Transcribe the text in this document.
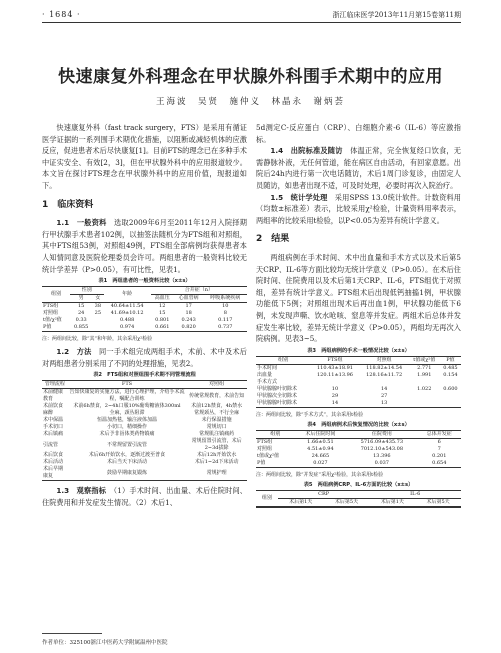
· 1684 ·	浙江临床医学2013年11月第15卷第11期
快速康复外科理念在甲状腺外科围手术期中的应用
王海波　吴贤　施仲义　林晶永　谢炳荟

快速康复外科（fast track surgery，FTS）是采用有循证医学证据的一系列围手术期优化措施，以阻断或减轻机体的应激反应，促进患者术后尽快康复[1]。目前FTS的理念已在多种手术中证实安全、有效[2，3]，但在甲状腺外科中的应用报道较少。本文旨在探讨FTS理念在甲状腺外科中的应用价值，现报道如下。

1　临床资料

1.1　一般资料　 选取2009年6月至2011年12月入院择期行甲状腺手术患者102例，以抽签法随机分为FTS组和对照组，其中FTS组53例，对照组49例，FTS组全部病例均获得患者本人知情同意及医院伦理委员会许可。两组患者的一般资料比较无统计学差异（P>0.05），有可比性，见表1。

表1　两组患者的一般资料比较（x±s）
组别	性别		年龄	合并症（n）		
	男	女		高血压	心血管病	呼吸系统疾病
FTS组	15	38	40.64±11.54	12	17	10
对照组	24	25	41.69±10.12	15	18	8
t值/χ²值	0.33		0.488	0.801	0.243	0.117
P值	0.855		0.974	0.661	0.820	0.737
注：两组间比较，除“其”和年龄，其余采用χ²检验

1.2　方法　 同一手术组完成两组手术，术前、术中及术后对两组患者分别采用了不同的处理措施，见表2。

表2　FTS组和对照组围手术期不同管理流程
管理流程	FTS	对照组
术前健康教育	告知快康复的实施方法，进行心理护理，介绍手术流程，嘱配合训练	传统常规教育，术前告知
术前饮食	术前6h禁食，2~4h口服10%葡萄糖液体300ml	术前12h禁食，4h禁水
麻醉	全麻，颈丛阻滞	常规颈丛，不行全麻
术中保温	恒温加热毯，输注液体加温	未行保温措施
手术切口	小切口，精细操作	常规切口
术后镇痛	术后予非甾体类药物镇痛	常规肌注镇痛药
引流管	不常规留置引流管	常规留置引流管，术后2~3d拔除
术后饮食	术后6h开始饮水，逐渐过渡至普食	术后12h开始饮水
术后活动	术后当天下床活动	术后1~2d下床活动
术后早期康复	鼓励早期康复锻炼	常规护理

1.3　观察指标　 （1）手术时间、出血量、术后住院时间、住院费用和并发症发生情况。（2）术后1、

5d测定C-反应蛋白（CRP）、白细胞介素-6（IL-6）等应激指标。

1.4　出院标准及随访　 体温正常，完全恢复经口饮食，无需静脉补液，无任何管道，能在病区自由活动，有回家意愿。出院后24h内进行第一次电话随访，术后1周门诊复诊，由固定人员随访，如患者出现不适，可及时处理，必要时再次入院治疗。

1.5　统计学处理　 采用SPSS 13.0统计软件。计数资料用（均数±标准差）表示，比较采用χ²检验，计量资料用率表示，两组率的比较采用t检验，以P<0.05为差异有统计学意义。

2　结果

两组病例在手术时间、术中出血量和手术方式以及术后第5天CRP、IL-6等方面比较均无统计学意义（P>0.05）。在术后住院时间、住院费用以及术后第1天CRP、IL-6，FTS组优于对照组，差异有统计学意义。FTS组术后出现低钙抽搐1例，甲状腺功能低下5例；对照组出现术后再出血1例，甲状腺功能低下6例，未发现声嘶、饮水呛咳、窒息等并发症。两组术后总体并发症发生率比较，差异无统计学意义（P>0.05），两组均无再次入院病例。见表3~5。

表3　两组病例的手术一般情况比较（x±s）
组别	FTS组	对照组	t值或χ²值	P值
手术时间	110.43±18.91	118.82±14.54	2.771	0.485
出血量	120.11±13.96	128.16±11.72	1.991	0.154
手术方式				
甲状腺腺叶切除术	10	14	1.022	0.600
甲状腺次全切除术	29	27		
甲状腺腺叶切除术	14	13		
注：两组间比较，除“手术方式”，其余采用t检验
表4　两组病例术后恢复情况的比较（x±s）
组别	术后住院时间	住院费用	总体并发症
FTS组	1.66±0.51	5716.09±435.73	6
对照组	4.51±0.94	7012.10±543.08	7
t值或χ²值	24.665	13.396	0.201
P值	0.027	0.037	0.654
注：两组间比较，除“并发症”采用χ²检验，其余采用t检验
表5　两组病例CRP、IL-6方面的比较（x±s）
组别	CRP		IL-6	
	术后第1天	术后第5天	术后第1天	术后第5天

作者单位：325100浙江中医药大学附属温州中医院
